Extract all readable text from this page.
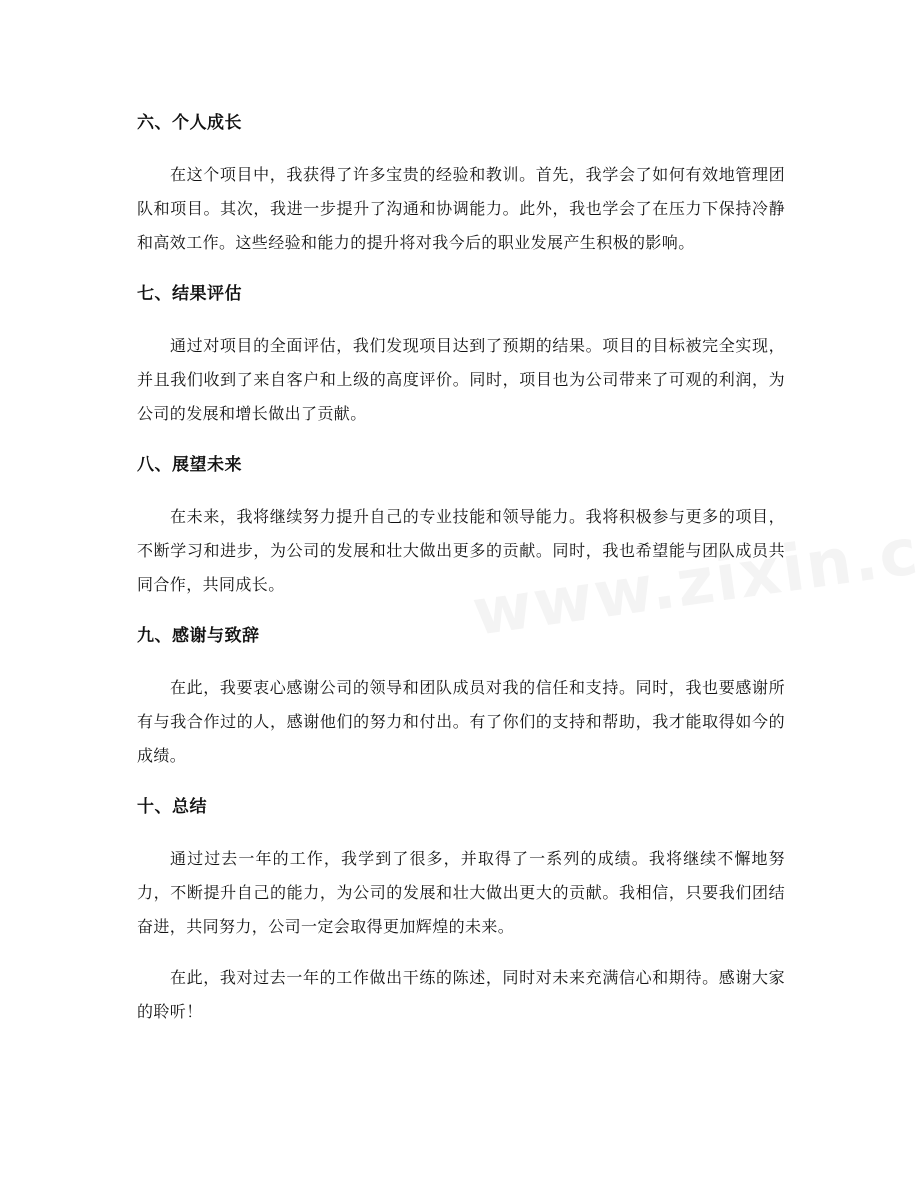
六、个人成长

在这个项目中，我获得了许多宝贵的经验和教训。首先，我学会了如何有效地管理团队和项目。其次，我进一步提升了沟通和协调能力。此外，我也学会了在压力下保持冷静和高效工作。这些经验和能力的提升将对我今后的职业发展产生积极的影响。

七、结果评估

通过对项目的全面评估，我们发现项目达到了预期的结果。项目的目标被完全实现，并且我们收到了来自客户和上级的高度评价。同时，项目也为公司带来了可观的利润，为公司的发展和增长做出了贡献。

八、展望未来

在未来，我将继续努力提升自己的专业技能和领导能力。我将积极参与更多的项目，不断学习和进步，为公司的发展和壮大做出更多的贡献。同时，我也希望能与团队成员共同合作，共同成长。

九、感谢与致辞

在此，我要衷心感谢公司的领导和团队成员对我的信任和支持。同时，我也要感谢所有与我合作过的人，感谢他们的努力和付出。有了你们的支持和帮助，我才能取得如今的成绩。

十、总结

通过过去一年的工作，我学到了很多，并取得了一系列的成绩。我将继续不懈地努力，不断提升自己的能力，为公司的发展和壮大做出更大的贡献。我相信，只要我们团结奋进，共同努力，公司一定会取得更加辉煌的未来。

在此，我对过去一年的工作做出干练的陈述，同时对未来充满信心和期待。感谢大家的聆听！
